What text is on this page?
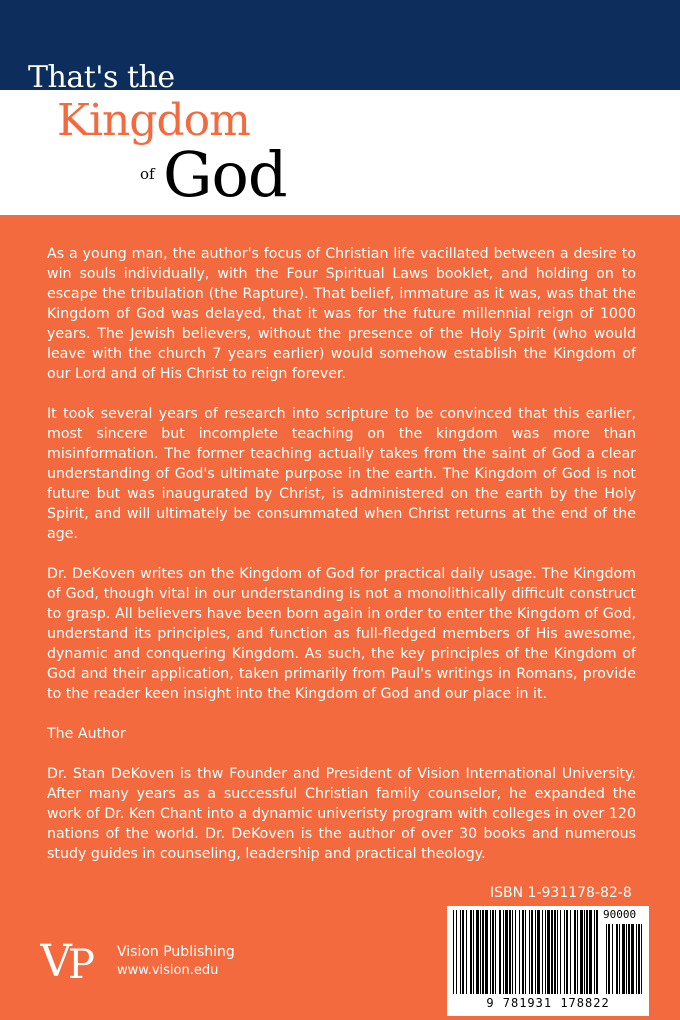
That's the
Kingdom
of God

As a young man, the author's focus of Christian life vacillated between a desire to win souls individually, with the Four Spiritual Laws booklet, and holding on to escape the tribulation (the Rapture). That belief, immature as it was, was that the Kingdom of God was delayed, that it was for the future millennial reign of 1000 years. The Jewish believers, without the presence of the Holy Spirit (who would leave with the church 7 years earlier) would somehow establish the Kingdom of our Lord and of His Christ to reign forever.

It took several years of research into scripture to be convinced that this earlier, most sincere but incomplete teaching on the kingdom was more than misinformation. The former teaching actually takes from the saint of God a clear understanding of God's ultimate purpose in the earth. The Kingdom of God is not future but was inaugurated by Christ, is administered on the earth by the Holy Spirit, and will ultimately be consummated when Christ returns at the end of the age.

Dr. DeKoven writes on the Kingdom of God for practical daily usage. The Kingdom of God, though vital in our understanding is not a monolithically difficult construct to grasp. All believers have been born again in order to enter the Kingdom of God, understand its principles, and function as full-fledged members of His awesome, dynamic and conquering Kingdom. As such, the key principles of the Kingdom of God and their application, taken primarily from Paul's writings in Romans, provide to the reader keen insight into the Kingdom of God and our place in it.

The Author

Dr. Stan DeKoven is thw Founder and President of Vision International University. After many years as a successful Christian family counselor, he expanded the work of Dr. Ken Chant into a dynamic univeristy program with colleges in over 120 nations of the world. Dr. DeKoven is the author of over 30 books and numerous study guides in counseling, leadership and practical theology.

ISBN 1-931178-82-8
V
P Vision Publishing
www.vision.edu
90000
9 781931 178822
